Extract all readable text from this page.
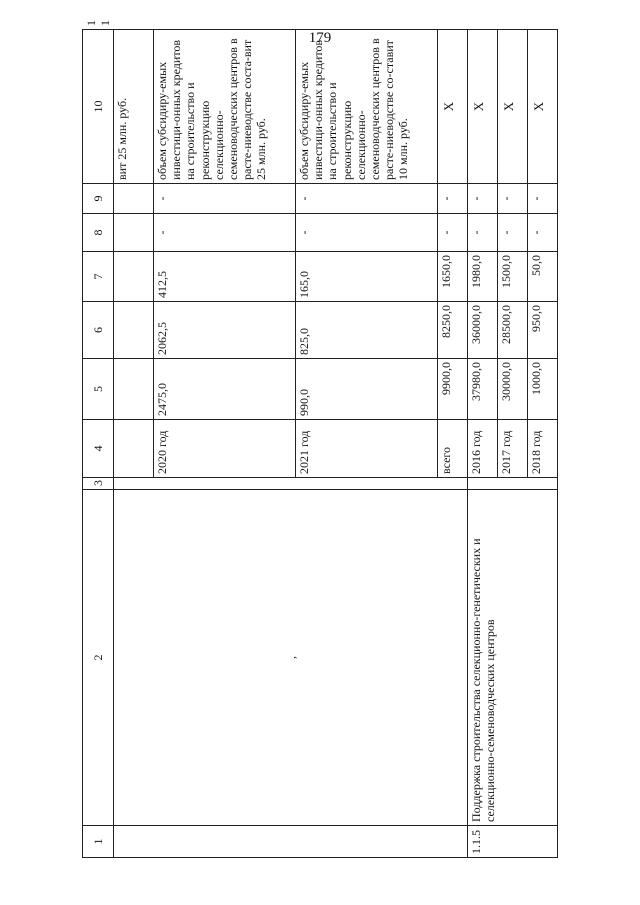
179
1	2	3	4	5	6	7	8	9	10	11
	,								вит 25 млн. руб.	
			2020 год	2475,0	2062,5	412,5	-	-	объем субсидиру-емых инвестици-онных кредитов на строительство и реконструкцию селекционно-семеноводческих центров в расте-ниеводстве соста-вит 25 млн. руб.	
			2021 год	990,0	825,0	165,0	-	-	объем субсидиру-емых инвестици-онных кредитов на строительство и реконструкцию селекционно-семеноводческих центров в расте-ниеводстве со-ставит 10 млн. руб.	
			всего	9900,0	8250,0	1650,0	-	-	X	
1.1.5	Поддержка строительства селекционно-генетических и селекционно-семеноводческих центров		2016 год	37980,0	36000,0	1980,0	-	-	X	
			2017 год	30000,0	28500,0	1500,0	-	-	X	
			2018 год	1000,0	950,0	50,0	-	-	X	
